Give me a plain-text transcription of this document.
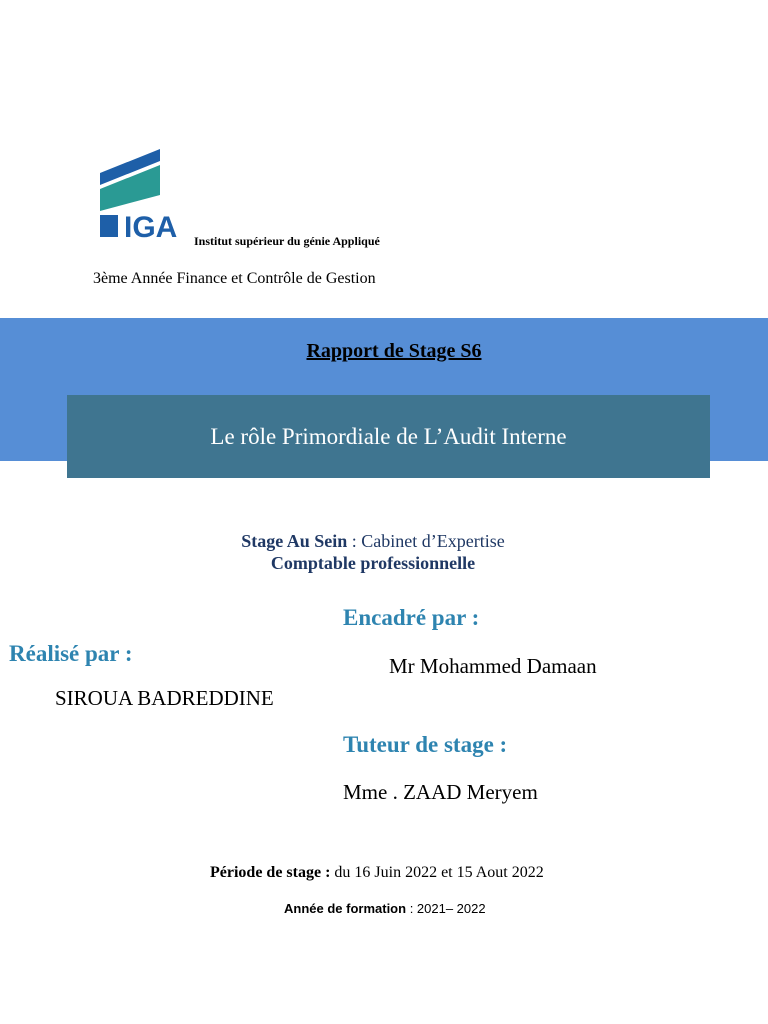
IGA Institut supérieur du génie Appliqué
3ème Année Finance et Contrôle de Gestion
Rapport de Stage S6
Le rôle Primordiale de L’Audit Interne
Stage Au Sein : Cabinet d’Expertise
Comptable professionnelle
Encadré par :
Mr Mohammed Damaan
Réalisé par :
SIROUA BADREDDINE
Tuteur de stage :
Mme . ZAAD Meryem
Période de stage : du 16 Juin 2022 et 15 Aout 2022
Année de formation : 2021– 2022
